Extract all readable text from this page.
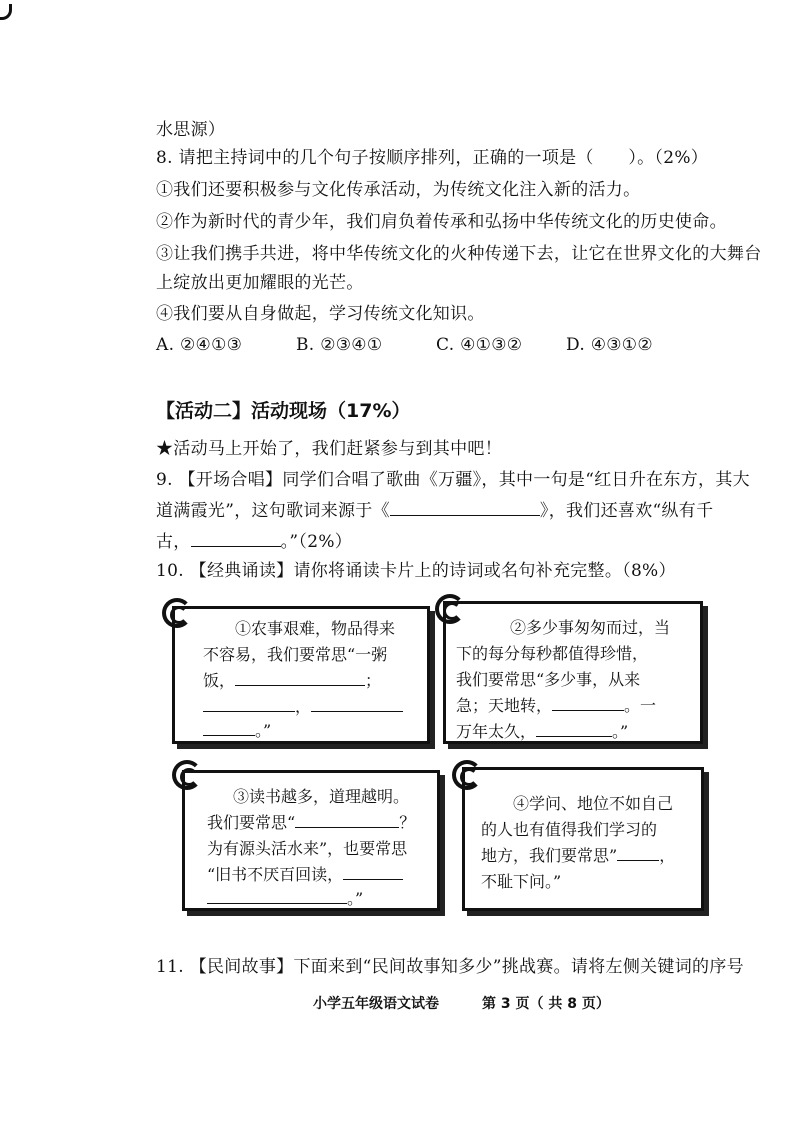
水思源）
8. 请把主持词中的几个句子按顺序排列，正确的一项是（　　）。（2%）
①我们还要积极参与文化传承活动，为传统文化注入新的活力。
②作为新时代的青少年，我们肩负着传承和弘扬中华传统文化的历史使命。
③让我们携手共进，将中华传统文化的火种传递下去，让它在世界文化的大舞台
上绽放出更加耀眼的光芒。
④我们要从自身做起，学习传统文化知识。
A. ②④①③	B. ②③④①	C. ④①③②	D. ④③①②
【活动二】活动现场（17%）
★活动马上开始了，我们赶紧参与到其中吧！
9. 【开场合唱】同学们合唱了歌曲《万疆》，其中一句是“红日升在东方，其大
道满霞光”，这句歌词来源于《	》，我们还喜欢“纵有千
古，	。”（2%）
10. 【经典诵读】请你将诵读卡片上的诗词或名句补充完整。（8%）
①农事艰难，物品得来
不容易，我们要常思“一粥
饭，	；
，
。”
②多少事匆匆而过，当
下的每分每秒都值得珍惜，
我们要常思“多少事，从来
急；天地转，	。一
万年太久，	。”
③读书越多，道理越明。
我们要常思“	？
为有源头活水来”，也要常思
“旧书不厌百回读，
。”
④学问、地位不如自己
的人也有值得我们学习的
地方，我们要常思”	，
不耻下问。”
11. 【民间故事】下面来到“民间故事知多少”挑战赛。请将左侧关键词的序号
小学五年级语文试卷	第 3 页（ 共 8 页）
